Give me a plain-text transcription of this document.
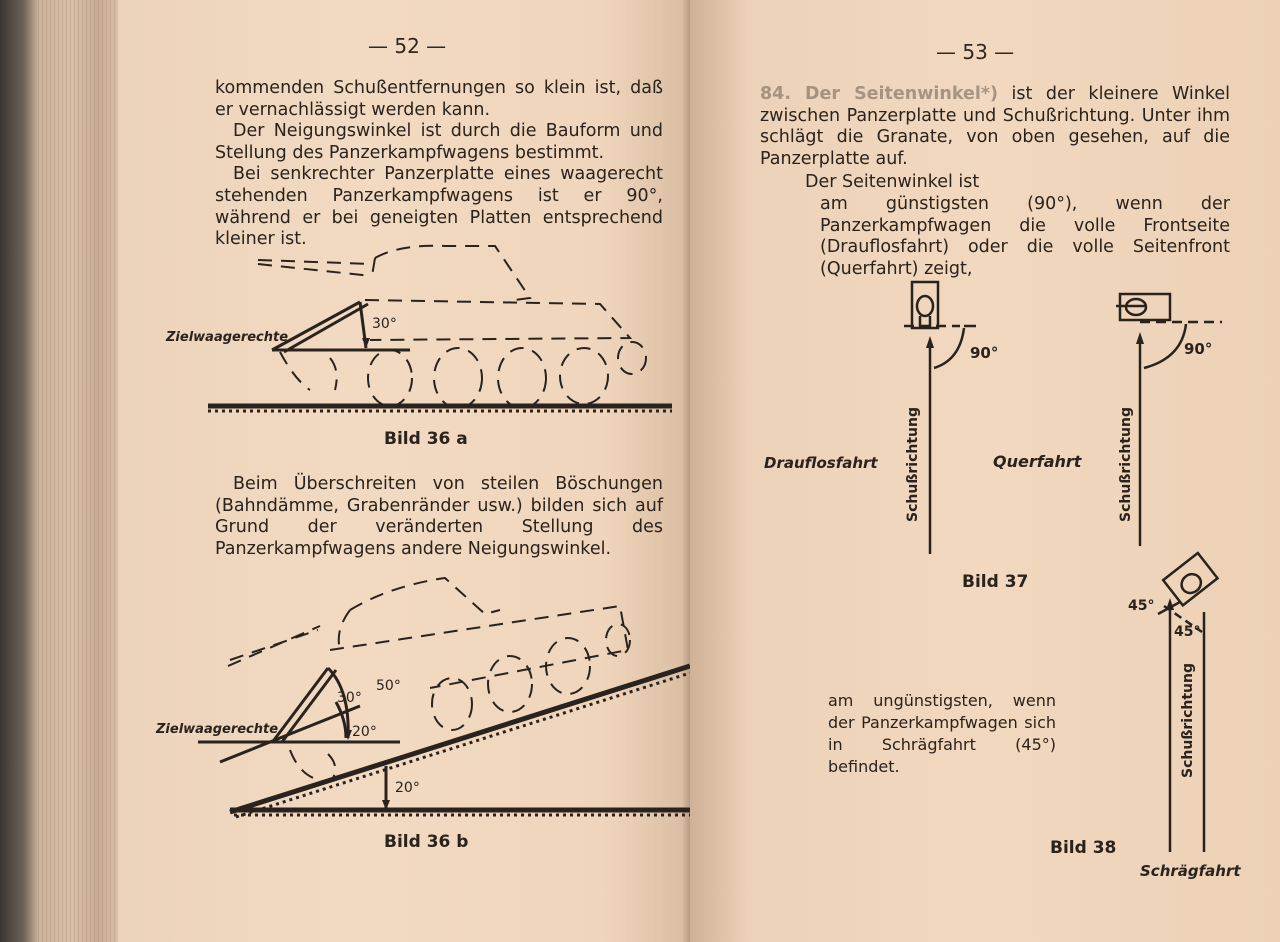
— 52 —

kommenden Schußentfernungen so klein ist, daß er vernachlässigt werden kann.

Der Neigungswinkel ist durch die Bauform und Stellung des Panzerkampfwagens bestimmt.

Bei senkrechter Panzerplatte eines waagerecht stehenden Panzerkampfwagens ist er 90°, während er bei geneigten Platten entsprechend kleiner ist.

30°
Zielwaagerechte
Bild 36 a
Beim Überschreiten von steilen Böschungen (Bahndämme, Grabenränder usw.) bilden sich auf Grund der veränderten Stellung des Panzerkampfwagens andere Neigungswinkel.
50°
30°
20°
20°
Zielwaagerechte
Bild 36 b
— 53 —
84. Der Seitenwinkel*) ist der kleinere Winkel zwischen Panzerplatte und Schußrichtung. Unter ihm schlägt die Granate, von oben gesehen, auf die Panzerplatte auf.
Der Seitenwinkel ist
am günstigsten (90°), wenn der Panzerkampfwagen die volle Frontseite (Drauflosfahrt) oder die volle Seitenfront (Querfahrt) zeigt,
90°	90°
Schußrichtung	Schußrichtung
Drauflosfahrt	Querfahrt
Bild 37
am ungünstigsten, wenn der Panzerkampfwagen sich in Schrägfahrt (45°) befindet.
45°
45°
Schußrichtung
Schrägfahrt
Bild 38
